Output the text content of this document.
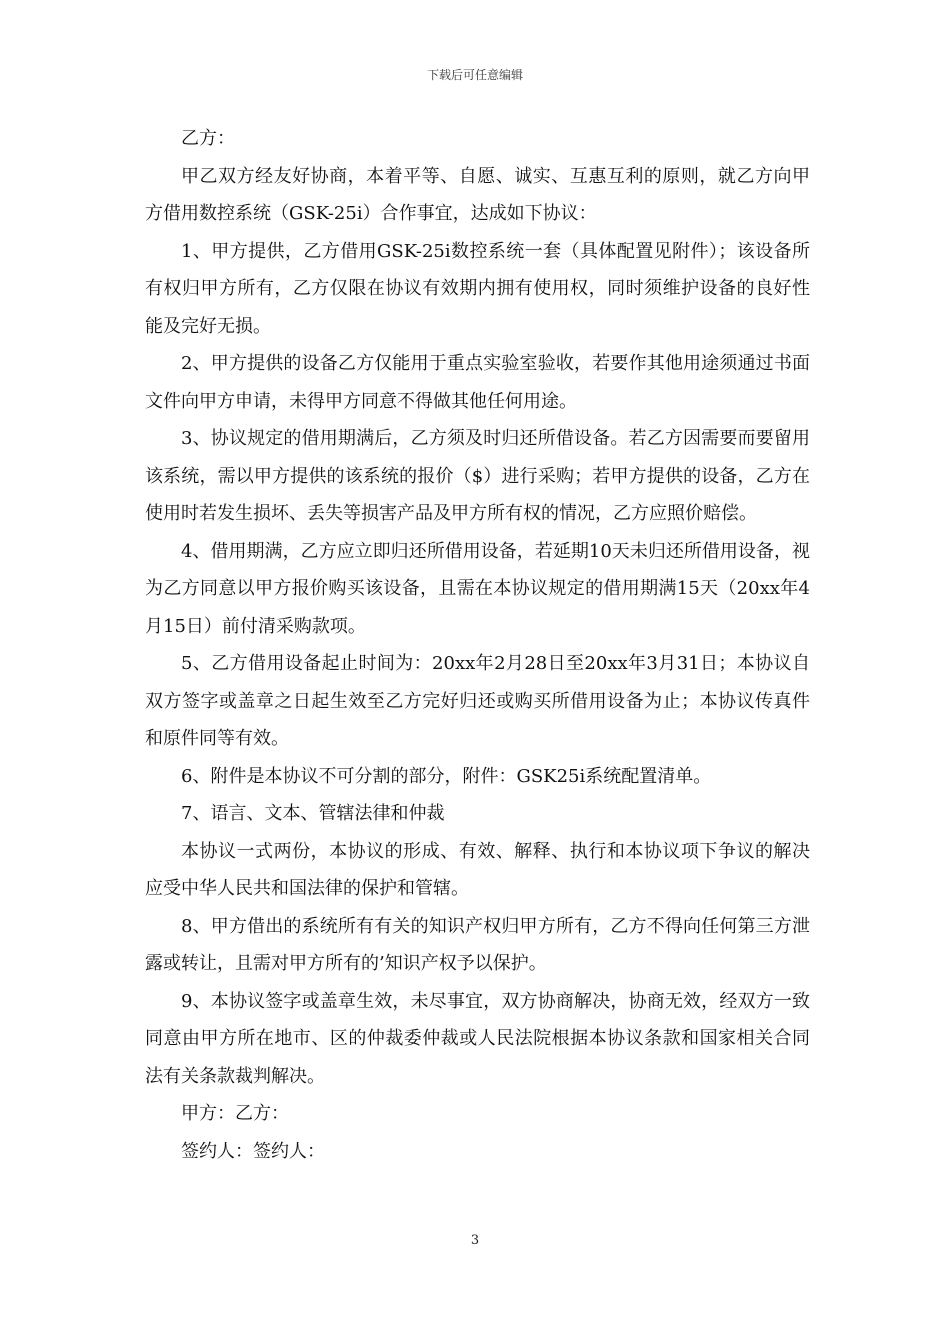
下载后可任意编辑

乙方：

甲乙双方经友好协商，本着平等、自愿、诚实、互惠互利的原则，就乙方向甲方借用数控系统（GSK-25i）合作事宜，达成如下协议：

1、甲方提供，乙方借用GSK-25i数控系统一套（具体配置见附件）；该设备所有权归甲方所有，乙方仅限在协议有效期内拥有使用权，同时须维护设备的良好性能及完好无损。

2、甲方提供的设备乙方仅能用于重点实验室验收，若要作其他用途须通过书面文件向甲方申请，未得甲方同意不得做其他任何用途。

3、协议规定的借用期满后，乙方须及时归还所借设备。若乙方因需要而要留用该系统，需以甲方提供的该系统的报价（$）进行采购；若甲方提供的设备，乙方在使用时若发生损坏、丢失等损害产品及甲方所有权的情况，乙方应照价赔偿。

4、借用期满，乙方应立即归还所借用设备，若延期10天未归还所借用设备，视为乙方同意以甲方报价购买该设备，且需在本协议规定的借用期满15天（20xx年4月15日）前付清采购款项。

5、乙方借用设备起止时间为：20xx年2月28日至20xx年3月31日；本协议自双方签字或盖章之日起生效至乙方完好归还或购买所借用设备为止；本协议传真件和原件同等有效。

6、附件是本协议不可分割的部分，附件：GSK25i系统配置清单。

7、语言、文本、管辖法律和仲裁

本协议一式两份，本协议的形成、有效、解释、执行和本协议项下争议的解决应受中华人民共和国法律的保护和管辖。

8、甲方借出的系统所有有关的知识产权归甲方所有，乙方不得向任何第三方泄露或转让，且需对甲方所有的’知识产权予以保护。

9、本协议签字或盖章生效，未尽事宜，双方协商解决，协商无效，经双方一致同意由甲方所在地市、区的仲裁委仲裁或人民法院根据本协议条款和国家相关合同法有关条款裁判解决。

甲方：乙方：

签约人：签约人：

3
